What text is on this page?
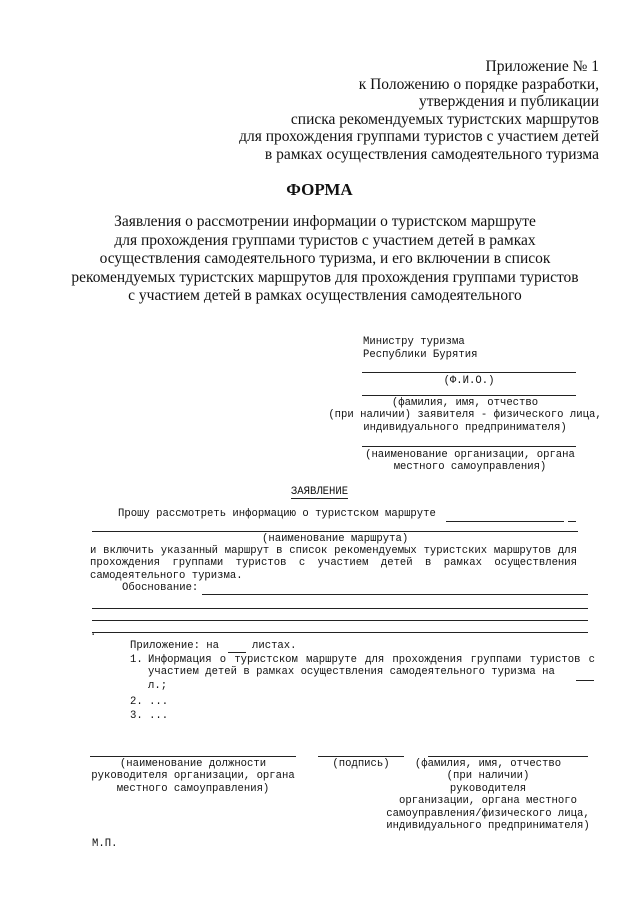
Приложение № 1
к Положению о порядке разработки,
утверждения и публикации
списка рекомендуемых туристских маршрутов
для прохождения группами туристов с участием детей
в рамках осуществления самодеятельного туризма
ФОРМА
Заявления о рассмотрении информации о туристском маршруте
для прохождения группами туристов с участием детей в рамках
осуществления самодеятельного туризма, и его включении в список
рекомендуемых туристских маршрутов для прохождения группами туристов
с участием детей в рамках осуществления самодеятельного
Министру туризма
Республики Бурятия
(Ф.И.О.)
(фамилия, имя, отчество
(при наличии) заявителя - физического лица,
индивидуального предпринимателя)
(наименование организации, органа
местного самоуправления)
ЗАЯВЛЕНИЕ
Прошу рассмотреть информацию о туристском маршруте
(наименование маршрута)
и включить указанный маршрут в список рекомендуемых туристских маршрутов для прохождения группами туристов с участием детей в рамках осуществления самодеятельного туризма.
Обоснование:
.
Приложение: на	листах.
1. Информация о туристском маршруте для прохождения группами туристов с участием детей в рамках осуществления самодеятельного туризма на
л.;
2. ...
3. ...
(наименование должности
руководителя организации, органа
местного самоуправления)
(подпись)	(фамилия, имя, отчество
(при наличии)
руководителя
организации, органа местного
самоуправления/физического лица,
индивидуального предпринимателя)
М.П.
